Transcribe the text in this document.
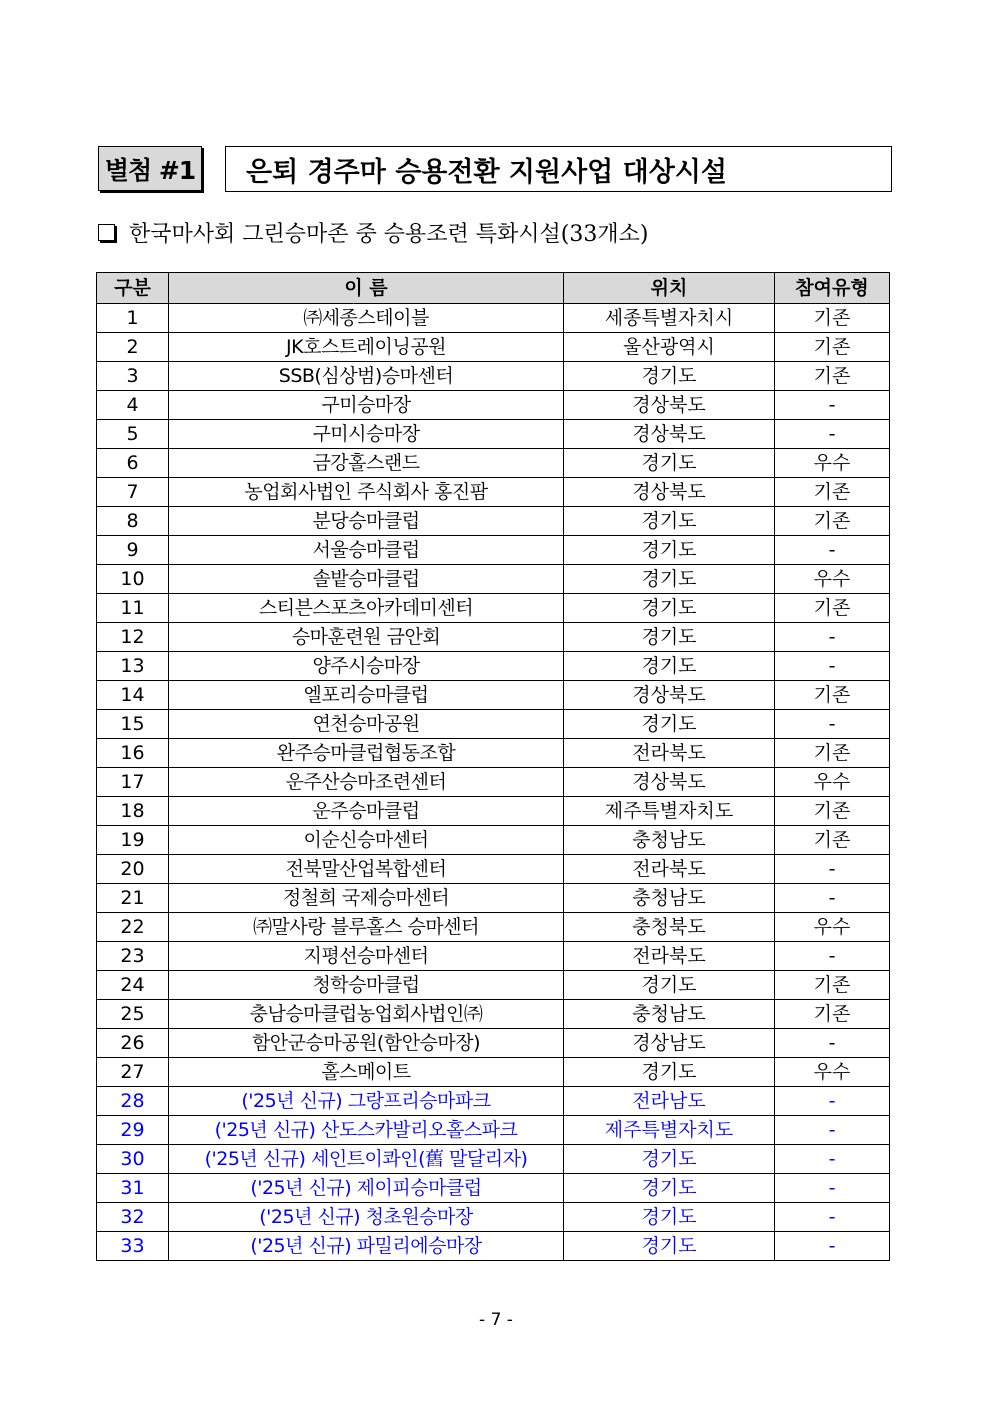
별첨 #1	은퇴 경주마 승용전환 지원사업 대상시설
한국마사회 그린승마존 중 승용조련 특화시설(33개소)
구분	이 름	위치	참여유형
1	㈜세종스테이블	세종특별자치시	기존
2	JK호스트레이닝공원	울산광역시	기존
3	SSB(심상범)승마센터	경기도	기존
4	구미승마장	경상북도	-
5	구미시승마장	경상북도	-
6	금강홀스랜드	경기도	우수
7	농업회사법인 주식회사 홍진팜	경상북도	기존
8	분당승마클럽	경기도	기존
9	서울승마클럽	경기도	-
10	솔밭승마클럽	경기도	우수
11	스티븐스포츠아카데미센터	경기도	기존
12	승마훈련원 금안회	경기도	-
13	양주시승마장	경기도	-
14	엘포리승마클럽	경상북도	기존
15	연천승마공원	경기도	-
16	완주승마클럽협동조합	전라북도	기존
17	운주산승마조련센터	경상북도	우수
18	운주승마클럽	제주특별자치도	기존
19	이순신승마센터	충청남도	기존
20	전북말산업복합센터	전라북도	-
21	정철희 국제승마센터	충청남도	-
22	㈜말사랑 블루홀스 승마센터	충청북도	우수
23	지평선승마센터	전라북도	-
24	청학승마클럽	경기도	기존
25	충남승마클럽농업회사법인㈜	충청남도	기존
26	함안군승마공원(함안승마장)	경상남도	-
27	홀스메이트	경기도	우수
28	('25년 신규) 그랑프리승마파크	전라남도	-
29	('25년 신규) 산도스카발리오홀스파크	제주특별자치도	-
30	('25년 신규) 세인트이콰인(舊 말달리자)	경기도	-
31	('25년 신규) 제이피승마클럽	경기도	-
32	('25년 신규) 청초원승마장	경기도	-
33	('25년 신규) 파밀리에승마장	경기도	-
- 7 -
